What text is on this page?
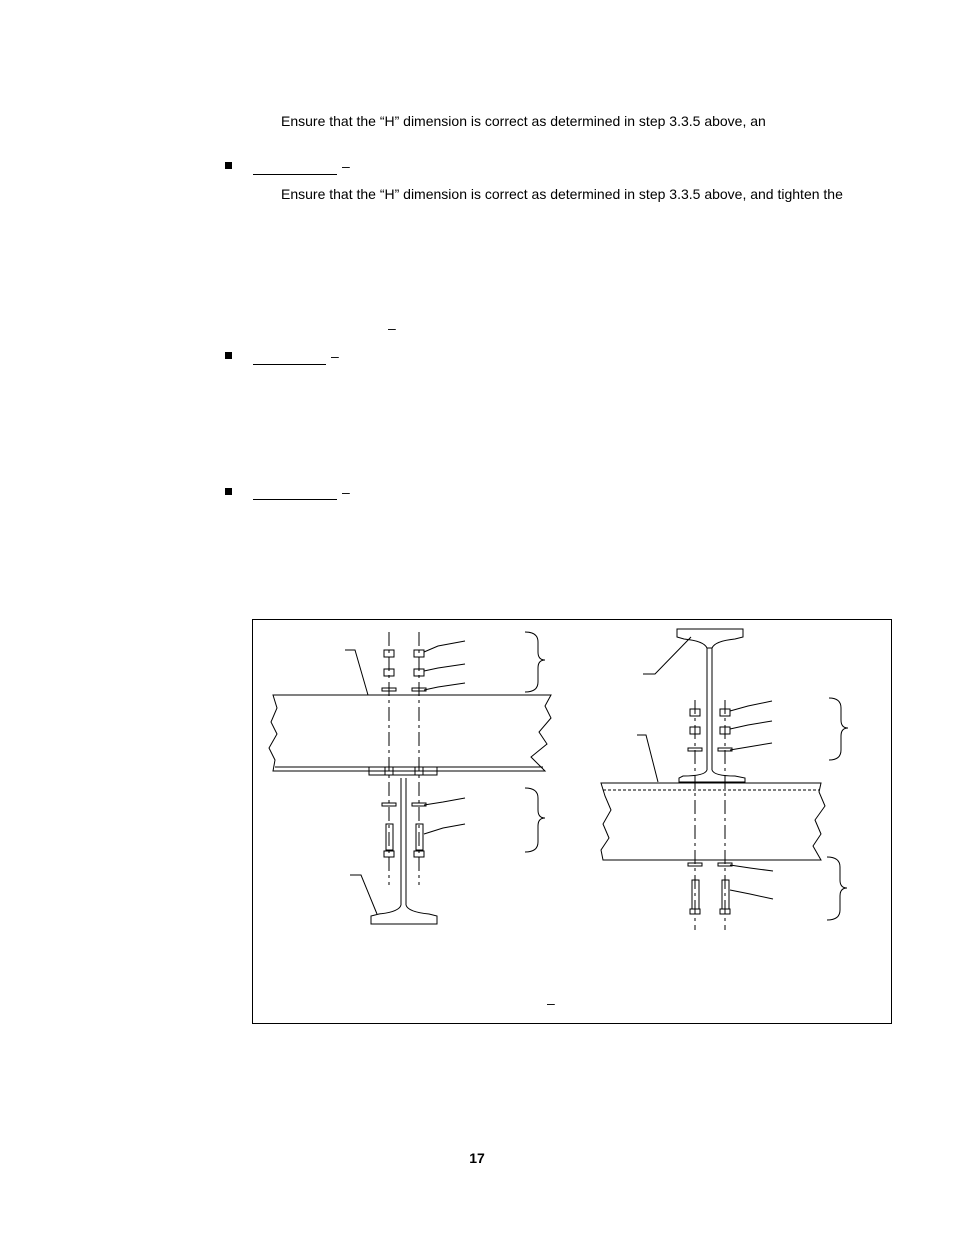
Ensure that the “H” dimension is correct as determined in step 3.3.5 above, an
–
Ensure that the “H” dimension is correct as determined in step 3.3.5 above, and tighten the
–
–
–
–
17
